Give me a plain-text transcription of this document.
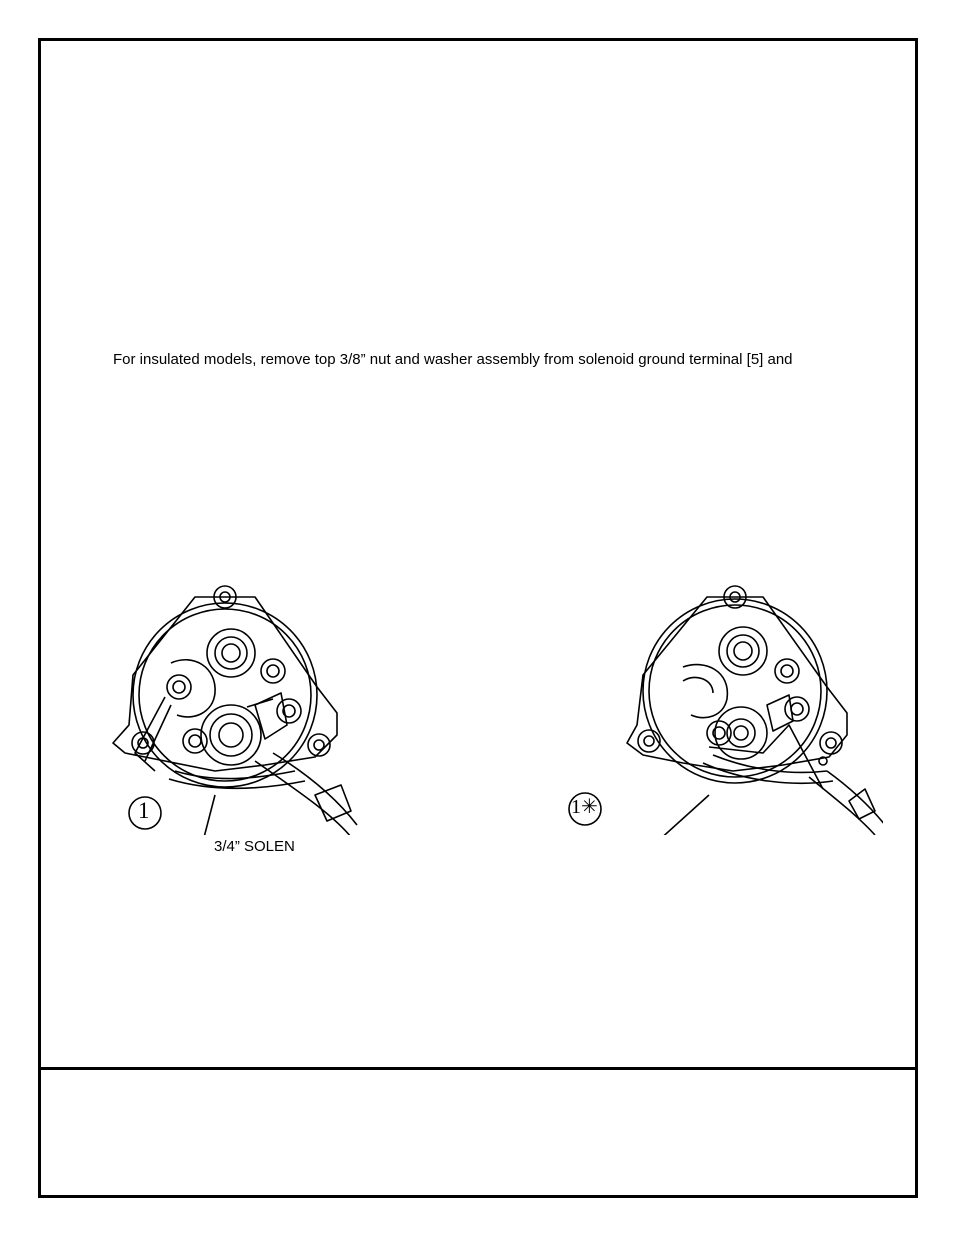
For insulated models, remove top 3/8” nut and washer assembly from solenoid ground terminal [5] and
1
3/4” SOLEN
1✳
